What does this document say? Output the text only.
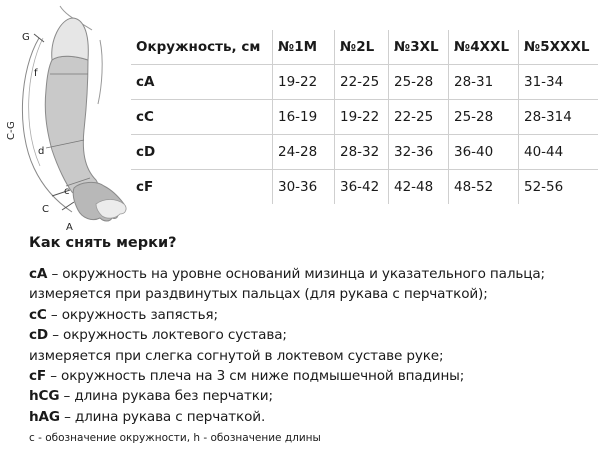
G
f
C-G
d
c
C
A
Окружность, см	№1M	№2L	№3XL	№4XXL	№5XXXL
cA	19-22	22-25	25-28	28-31	31-34
cC	16-19	19-22	22-25	25-28	28-314
cD	24-28	28-32	32-36	36-40	40-44
cF	30-36	36-42	42-48	48-52	52-56
Как снять мерки?
cA – окружность на уровне оснований мизинца и указательного пальца;
измеряется при раздвинутых пальцах (для рукава с перчаткой);
cC – окружность запястья;
cD – окружность локтевого сустава;
измеряется при слегка согнутой в локтевом суставе руке;
cF – окружность плеча на 3 см ниже подмышечной впадины;
hCG – длина рукава без перчатки;
hAG – длина рукава с перчаткой.
c - обозначение окружности, h - обозначение длины
